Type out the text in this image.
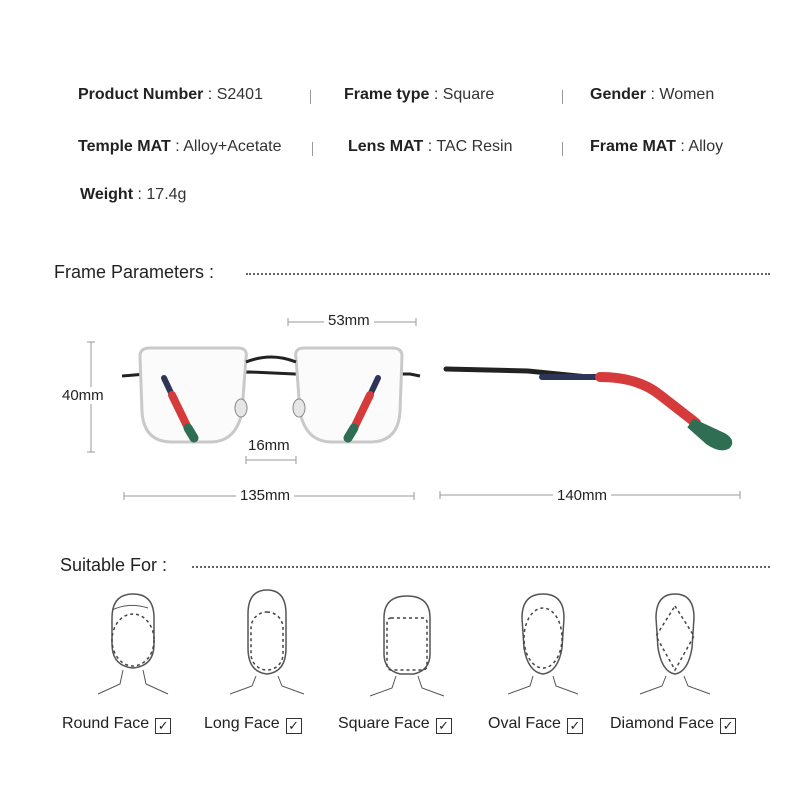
Product Number : S2401	Frame type : Square	Gender : Women
Temple MAT : Alloy+Acetate	Lens MAT : TAC Resin	Frame MAT : Alloy
Weight : 17.4g
Frame Parameters :
53mm
40mm
16mm
135mm	140mm
Suitable For :
Round Face ✓ Long Face ✓ Square Face ✓ Oval Face ✓ Diamond Face ✓
